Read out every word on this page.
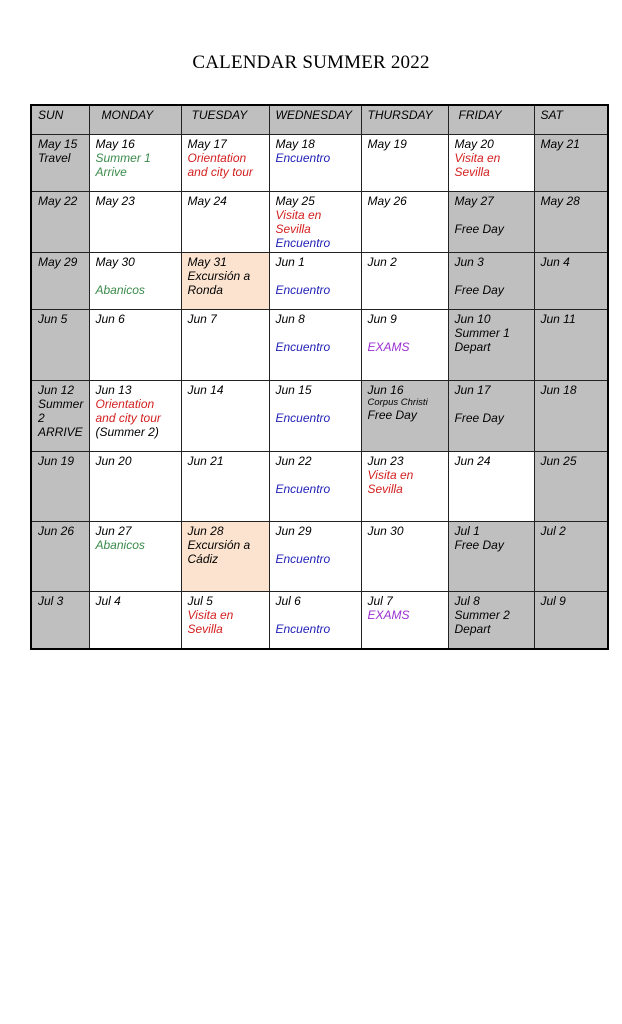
CALENDAR SUMMER 2022
SUN	MONDAY	TUESDAY	WEDNESDAY	THURSDAY	FRIDAY	SAT

May 15
Travel	May 16
Summer 1
Arrive	May 17
Orientation
and city tour	May 18
Encuentro	May 19	May 20
Visita en
Sevilla	May 21

May 22	May 23	May 24	May 25
Visita en
Sevilla
Encuentro	May 26	May 27
Free Day	May 28

May 29	May 30
Abanicos	May 31
Excursión a
Ronda	Jun 1
Encuentro	Jun 2	Jun 3
Free Day	Jun 4

Jun 5	Jun 6	Jun 7	Jun 8
Encuentro	Jun 9
EXAMS	Jun 10
Summer 1
Depart	Jun 11

Jun 12
Summer
2
ARRIVE	Jun 13
Orientation
and city tour
(Summer 2)	Jun 14	Jun 15
Encuentro	Jun 16
Corpus Christi
Free Day	Jun 17
Free Day	Jun 18

Jun 19	Jun 20	Jun 21	Jun 22
Encuentro	Jun 23
Visita en
Sevilla	Jun 24	Jun 25

Jun 26	Jun 27
Abanicos	Jun 28
Excursión a
Cádiz	Jun 29
Encuentro	Jun 30	Jul 1
Free Day	Jul 2

Jul 3	Jul 4	Jul 5
Visita en
Sevilla	Jul 6
Encuentro	Jul 7
EXAMS	Jul 8
Summer 2
Depart	Jul 9
